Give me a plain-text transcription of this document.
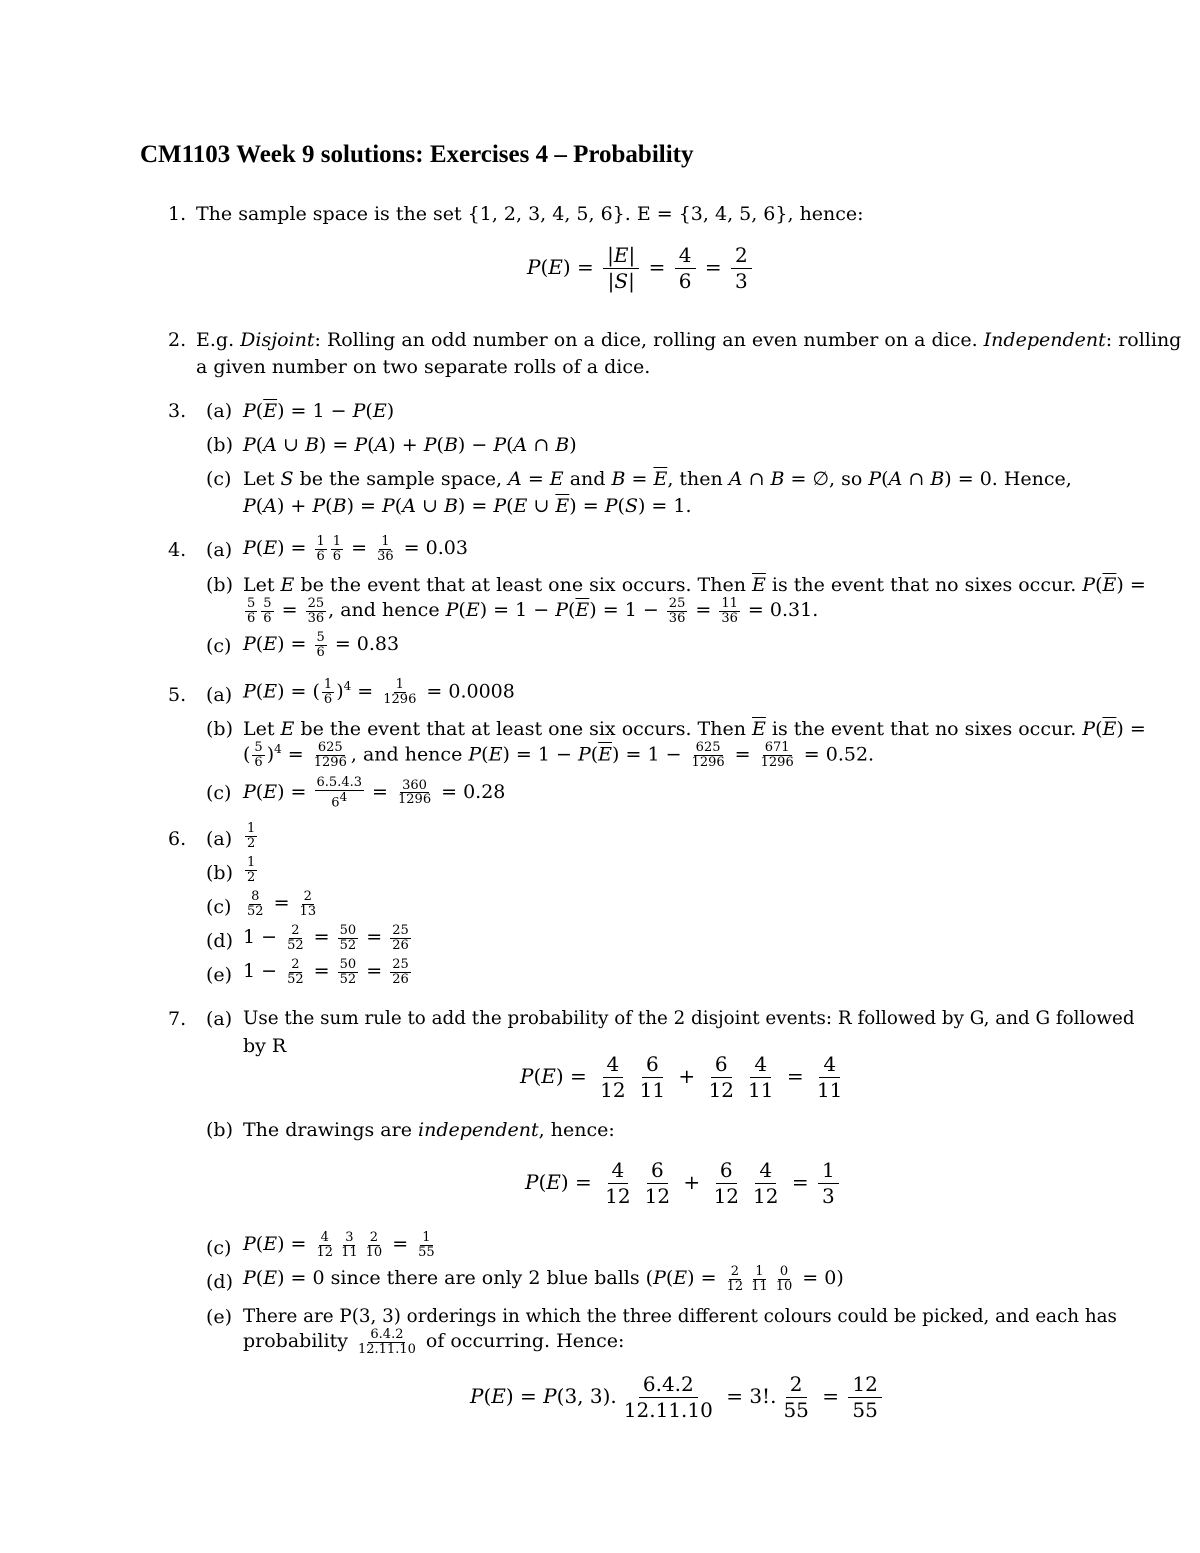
CM1103 Week 9 solutions: Exercises 4 – Probability
1. The sample space is the set {1, 2, 3, 4, 5, 6}. E = {3, 4, 5, 6}, hence:
$P(E) = \frac{|E|}{|S|} = \frac{4}{6} = \frac{2}{3}$
2. E.g. Disjoint: Rolling an odd number on a dice, rolling an even number on a dice. Independent: rolling
a given number on two separate rolls of a dice.
3. (a) $P(\overline{E}) = 1 - P(E)$
(b) P(A ∪ B) = P(A) + P(B) − P(A ∩ B)
(c) Let S be the sample space, A = E and $B = \overline{E}$, then A ∩ B = ∅, so P(A ∩ B) = 0. Hence,
P(A) + P(B) = P(A ∪ B) = P(E ∪ $\overline{E}) = P(S) = 1$.
4. (a) $P(E) = \frac{1}{6} \frac{1}{6} = \frac{1}{36} = 0.03$
(b) Let E be the event that at least one six occurs. Then $\overline{E}$ is the event that no sixes occur. $P(\overline{E})$ =
$\frac{5}{6} \frac{5}{6} = \frac{25}{36}$ , and hence $P(E) = 1 - P(\overline{E}) = 1 - \frac{25}{36} = \frac{11}{36} = 0.31$.
(c) $P(E) = \frac{5}{6} = 0.83$
5. (a) P(E) = ( $\frac{1}{6} )^4 = \frac{1}{1296} = 0.0008$
(b) Let E be the event that at least one six occurs. Then $\overline{E}$ is the event that no sixes occur. $P(\overline{E})$ =
( $\frac{5}{6} )^4 = \frac{625}{1296}$ , and hence $P(E) = 1 - P(\overline{E}) = 1 - \frac{625}{1296} = \frac{671}{1296} = 0.52$.
(c) $P(E) = \frac{6.5.4.3}{6^4} = \frac{360}{1296} = 0.28$
6. $(a) \frac{1}{2}$
$(b) \frac{1}{2}$
$(c) \frac{8}{52} = \frac{2}{13}$
(d) $1 - \frac{2}{52} = \frac{50}{52} = \frac{25}{26}$
(e) $1 - \frac{2}{52} = \frac{50}{52} = \frac{25}{26}$
7. (a) Use the sum rule to add the probability of the 2 disjoint events: R followed by G, and G followed
by R
$P(E) = \frac{4}{12} \frac{6}{11} + \frac{6}{12} \frac{4}{11} = \frac{4}{11}$
(b) The drawings are independent, hence:
$P(E) = \frac{4}{12} \frac{6}{12} + \frac{6}{12} \frac{4}{12} = \frac{1}{3}$
(c) $P(E) = \frac{4}{12} \frac{3}{11} \frac{2}{10} = \frac{1}{55}$
(d) P(E) = 0 since there are only 2 blue balls $(P(E) = \frac{2}{12} \frac{1}{11} \frac{0}{10} = 0)$
(e) There are P(3, 3) orderings in which the three different colours could be picked, and each has
probability $\frac{6.4.2}{12.11.10}$ of occurring. Hence:
P(E) = P(3, 3). $\frac{6.4.2}{12.11.10} = 3$!. $\frac{2}{55} = \frac{12}{55}$
